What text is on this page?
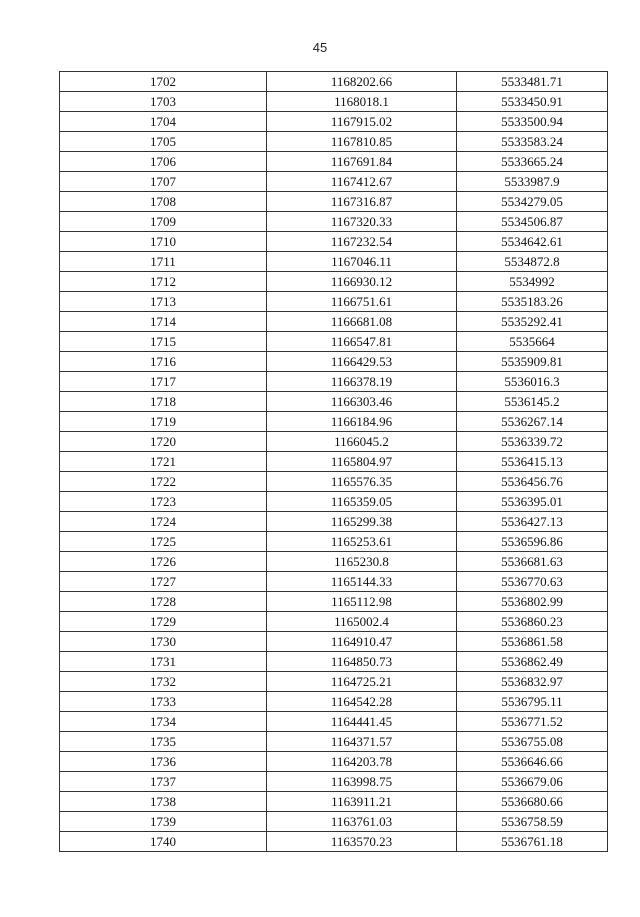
45
1702	1168202.66	5533481.71
1703	1168018.1	5533450.91
1704	1167915.02	5533500.94
1705	1167810.85	5533583.24
1706	1167691.84	5533665.24
1707	1167412.67	5533987.9
1708	1167316.87	5534279.05
1709	1167320.33	5534506.87
1710	1167232.54	5534642.61
1711	1167046.11	5534872.8
1712	1166930.12	5534992
1713	1166751.61	5535183.26
1714	1166681.08	5535292.41
1715	1166547.81	5535664
1716	1166429.53	5535909.81
1717	1166378.19	5536016.3
1718	1166303.46	5536145.2
1719	1166184.96	5536267.14
1720	1166045.2	5536339.72
1721	1165804.97	5536415.13
1722	1165576.35	5536456.76
1723	1165359.05	5536395.01
1724	1165299.38	5536427.13
1725	1165253.61	5536596.86
1726	1165230.8	5536681.63
1727	1165144.33	5536770.63
1728	1165112.98	5536802.99
1729	1165002.4	5536860.23
1730	1164910.47	5536861.58
1731	1164850.73	5536862.49
1732	1164725.21	5536832.97
1733	1164542.28	5536795.11
1734	1164441.45	5536771.52
1735	1164371.57	5536755.08
1736	1164203.78	5536646.66
1737	1163998.75	5536679.06
1738	1163911.21	5536680.66
1739	1163761.03	5536758.59
1740	1163570.23	5536761.18
